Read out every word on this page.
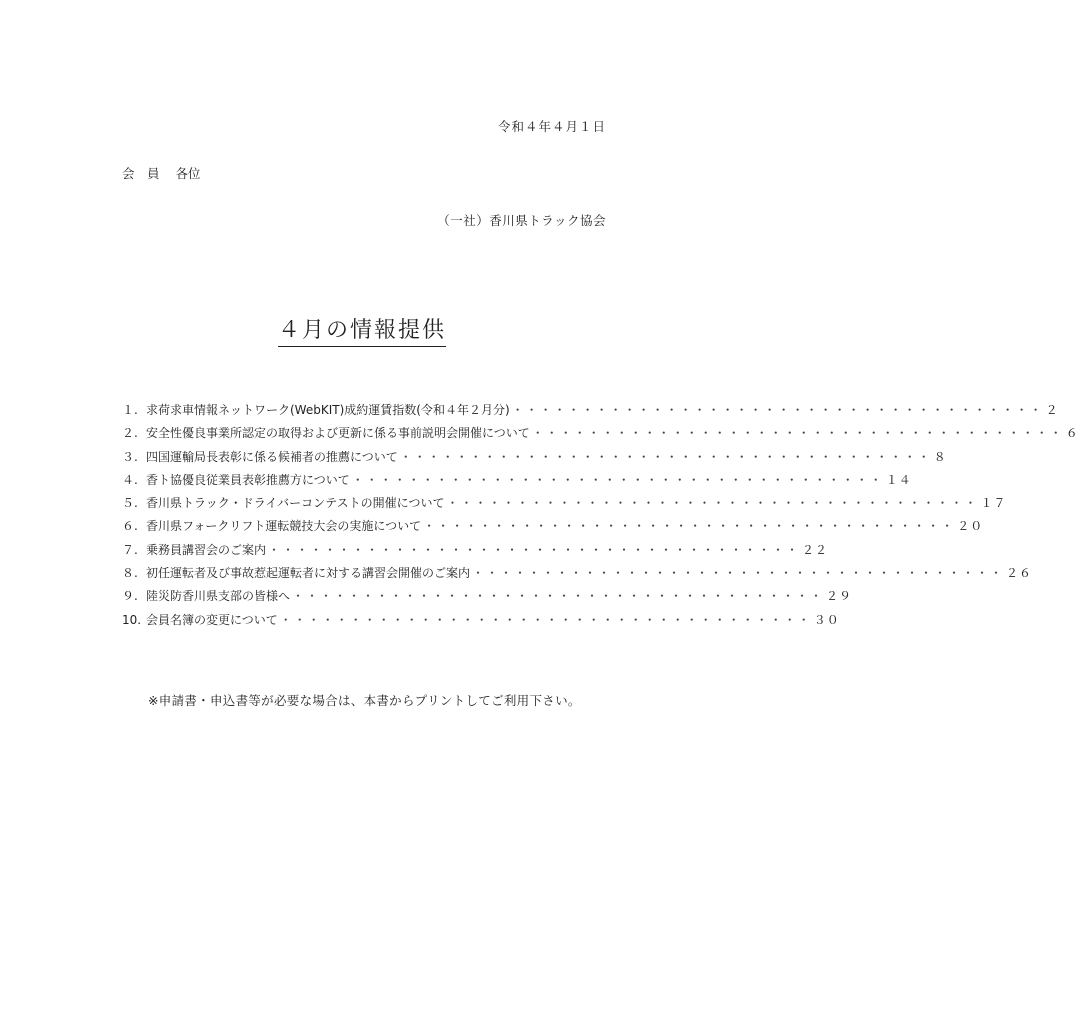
令和４年４月１日
会　員 各位
（一社）香川県トラック協会
４月の情報提供
１. 求荷求車情報ネットワーク(WebKIT)成約運賃指数(令和４年２月分) ・・・・・・・・・・・・・・・・・・・・・・・・・・・・・・・・・・・・・・ ２
２. 安全性優良事業所認定の取得および更新に係る事前説明会開催について ・・・・・・・・・・・・・・・・・・・・・・・・・・・・・・・・・・・・・・ ６
３. 四国運輸局長表彰に係る候補者の推薦について ・・・・・・・・・・・・・・・・・・・・・・・・・・・・・・・・・・・・・・ ８
４. 香ト協優良従業員表彰推薦方について ・・・・・・・・・・・・・・・・・・・・・・・・・・・・・・・・・・・・・・ １４
５. 香川県トラック・ドライバーコンテストの開催について ・・・・・・・・・・・・・・・・・・・・・・・・・・・・・・・・・・・・・・ １７
６. 香川県フォークリフト運転競技大会の実施について ・・・・・・・・・・・・・・・・・・・・・・・・・・・・・・・・・・・・・・ ２０
７. 乗務員講習会のご案内 ・・・・・・・・・・・・・・・・・・・・・・・・・・・・・・・・・・・・・・ ２２
８. 初任運転者及び事故惹起運転者に対する講習会開催のご案内 ・・・・・・・・・・・・・・・・・・・・・・・・・・・・・・・・・・・・・・ ２６
９. 陸災防香川県支部の皆様へ ・・・・・・・・・・・・・・・・・・・・・・・・・・・・・・・・・・・・・・ ２９
10. 会員名簿の変更について ・・・・・・・・・・・・・・・・・・・・・・・・・・・・・・・・・・・・・・ ３０
※申請書・申込書等が必要な場合は、本書からプリントしてご利用下さい。
